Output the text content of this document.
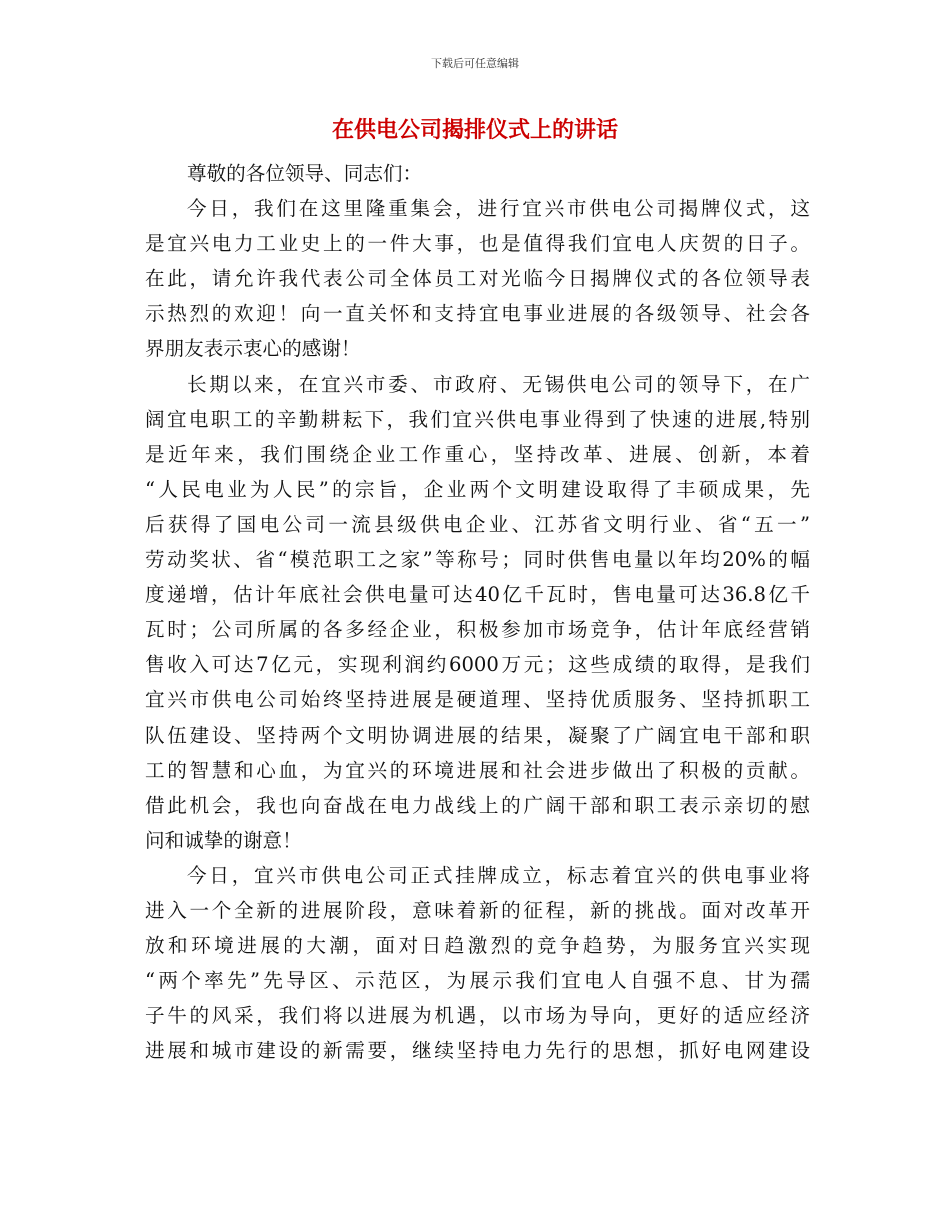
下载后可任意编辑
在供电公司揭排仪式上的讲话
尊敬的各位领导、同志们：
今日，我们在这里隆重集会，进行宜兴市供电公司揭牌仪式，这
是宜兴电力工业史上的一件大事，也是值得我们宜电人庆贺的日子。
在此，请允许我代表公司全体员工对光临今日揭牌仪式的各位领导表
示热烈的欢迎！向一直关怀和支持宜电事业进展的各级领导、社会各
界朋友表示衷心的感谢！
长期以来，在宜兴市委、市政府、无锡供电公司的领导下，在广
阔宜电职工的辛勤耕耘下，我们宜兴供电事业得到了快速的进展,特别
是近年来，我们围绕企业工作重心，坚持改革、进展、创新，本着
“人民电业为人民”的宗旨，企业两个文明建设取得了丰硕成果，先
后获得了国电公司一流县级供电企业、江苏省文明行业、省“五一”
劳动奖状、省“模范职工之家”等称号；同时供售电量以年均20%的幅
度递增，估计年底社会供电量可达40亿千瓦时，售电量可达36.8亿千
瓦时；公司所属的各多经企业，积极参加市场竞争，估计年底经营销
售收入可达7亿元，实现利润约6000万元；这些成绩的取得，是我们
宜兴市供电公司始终坚持进展是硬道理、坚持优质服务、坚持抓职工
队伍建设、坚持两个文明协调进展的结果，凝聚了广阔宜电干部和职
工的智慧和心血，为宜兴的环境进展和社会进步做出了积极的贡献。
借此机会，我也向奋战在电力战线上的广阔干部和职工表示亲切的慰
问和诚挚的谢意！
今日，宜兴市供电公司正式挂牌成立，标志着宜兴的供电事业将
进入一个全新的进展阶段，意味着新的征程，新的挑战。面对改革开
放和环境进展的大潮，面对日趋激烈的竞争趋势，为服务宜兴实现
“两个率先”先导区、示范区，为展示我们宜电人自强不息、甘为孺
子牛的风采，我们将以进展为机遇，以市场为导向，更好的适应经济
进展和城市建设的新需要，继续坚持电力先行的思想，抓好电网建设
